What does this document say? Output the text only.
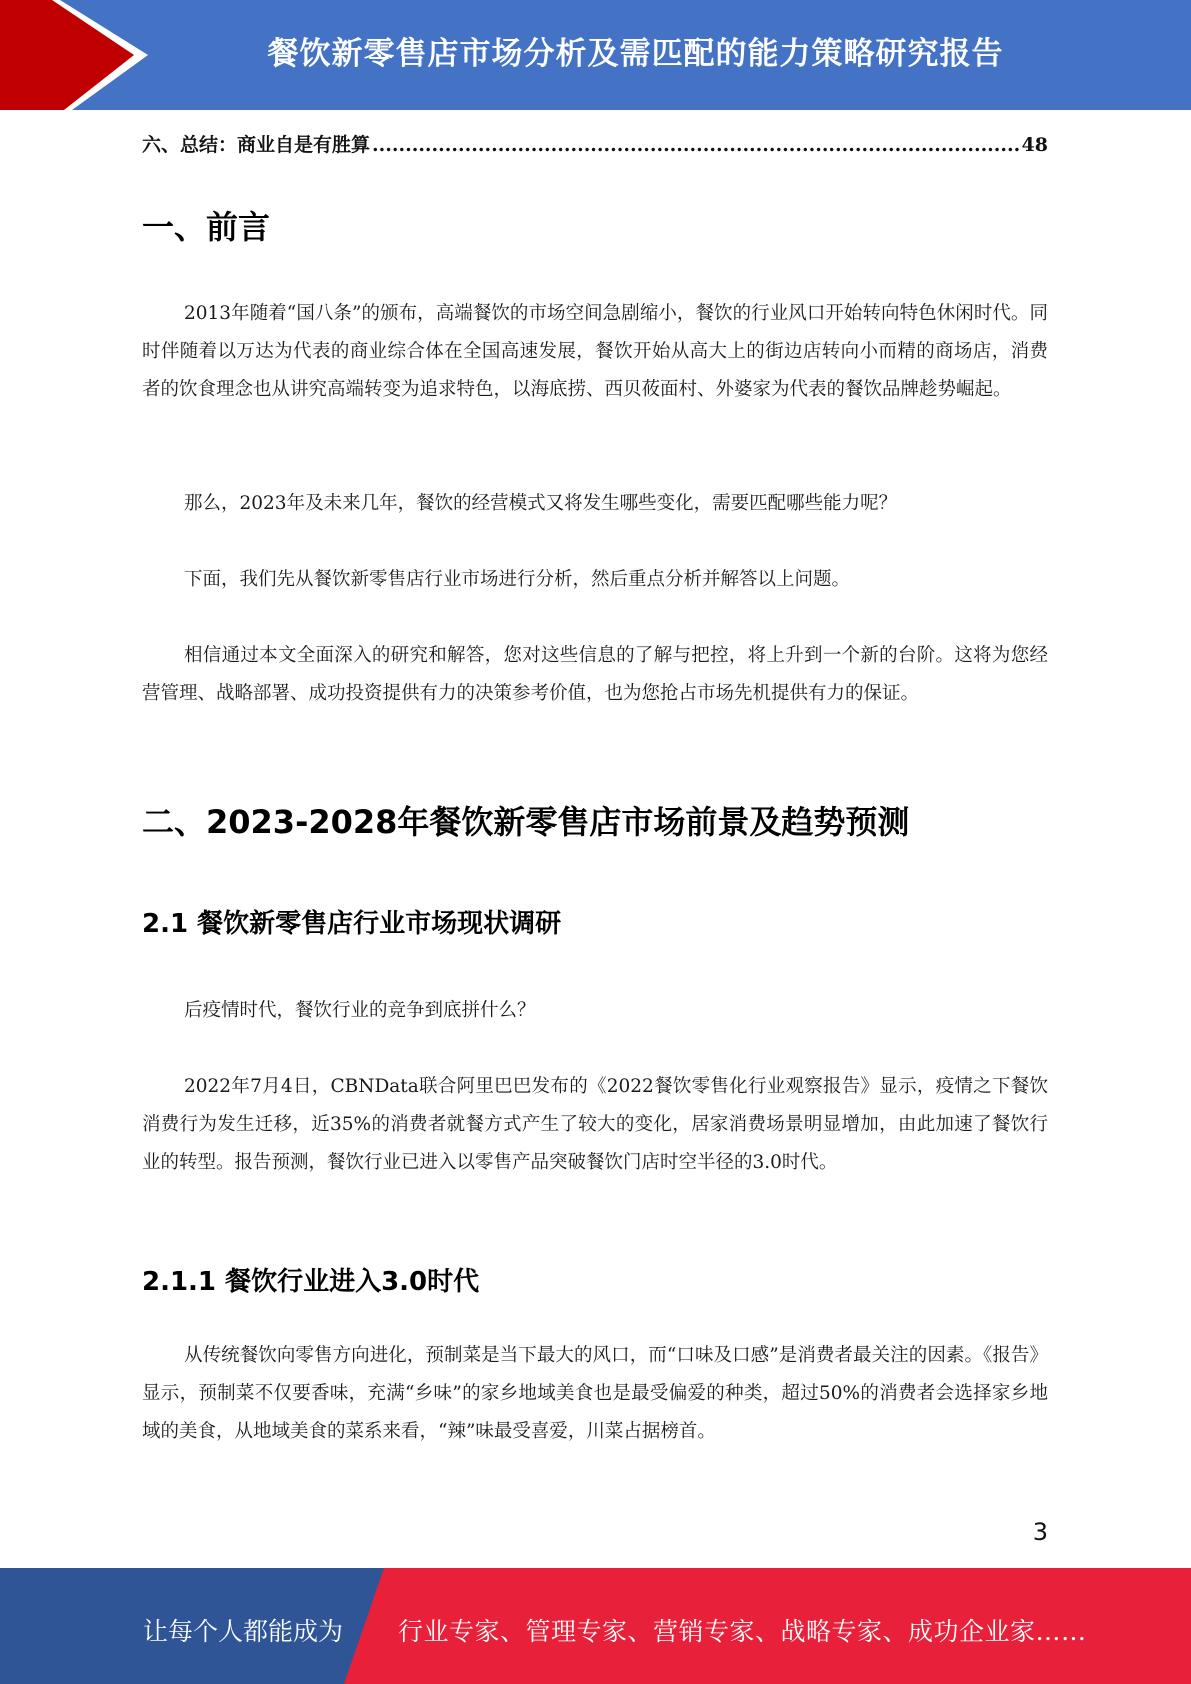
餐饮新零售店市场分析及需匹配的能力策略研究报告
六、总结：商业自是有胜算
.....	48
一、前言
2013年随着“国八条”的颁布，高端餐饮的市场空间急剧缩小，餐饮的行业风口开始转向特色休闲时代。同时伴随着以万达为代表的商业综合体在全国高速发展，餐饮开始从高大上的街边店转向小而精的商场店，消费者的饮食理念也从讲究高端转变为追求特色，以海底捞、西贝莜面村、外婆家为代表的餐饮品牌趁势崛起。
那么，2023年及未来几年，餐饮的经营模式又将发生哪些变化，需要匹配哪些能力呢？
下面，我们先从餐饮新零售店行业市场进行分析，然后重点分析并解答以上问题。
相信通过本文全面深入的研究和解答，您对这些信息的了解与把控，将上升到一个新的台阶。这将为您经营管理、战略部署、成功投资提供有力的决策参考价值，也为您抢占市场先机提供有力的保证。
二、2023-2028年餐饮新零售店市场前景及趋势预测
2.1 餐饮新零售店行业市场现状调研
后疫情时代，餐饮行业的竞争到底拼什么？
2022年7月4日，CBNData联合阿里巴巴发布的《2022餐饮零售化行业观察报告》显示，疫情之下餐饮消费行为发生迁移，近35%的消费者就餐方式产生了较大的变化，居家消费场景明显增加，由此加速了餐饮行业的转型。报告预测，餐饮行业已进入以零售产品突破餐饮门店时空半径的3.0时代。
2.1.1 餐饮行业进入3.0时代
从传统餐饮向零售方向进化，预制菜是当下最大的风口，而“口味及口感”是消费者最关注的因素。《报告》显示，预制菜不仅要香味，充满“乡味”的家乡地域美食也是最受偏爱的种类，超过50%的消费者会选择家乡地域的美食，从地域美食的菜系来看，“辣”味最受喜爱，川菜占据榜首。
3
让每个人都能成为 行业专家、管理专家、营销专家、战略专家、成功企业家……
